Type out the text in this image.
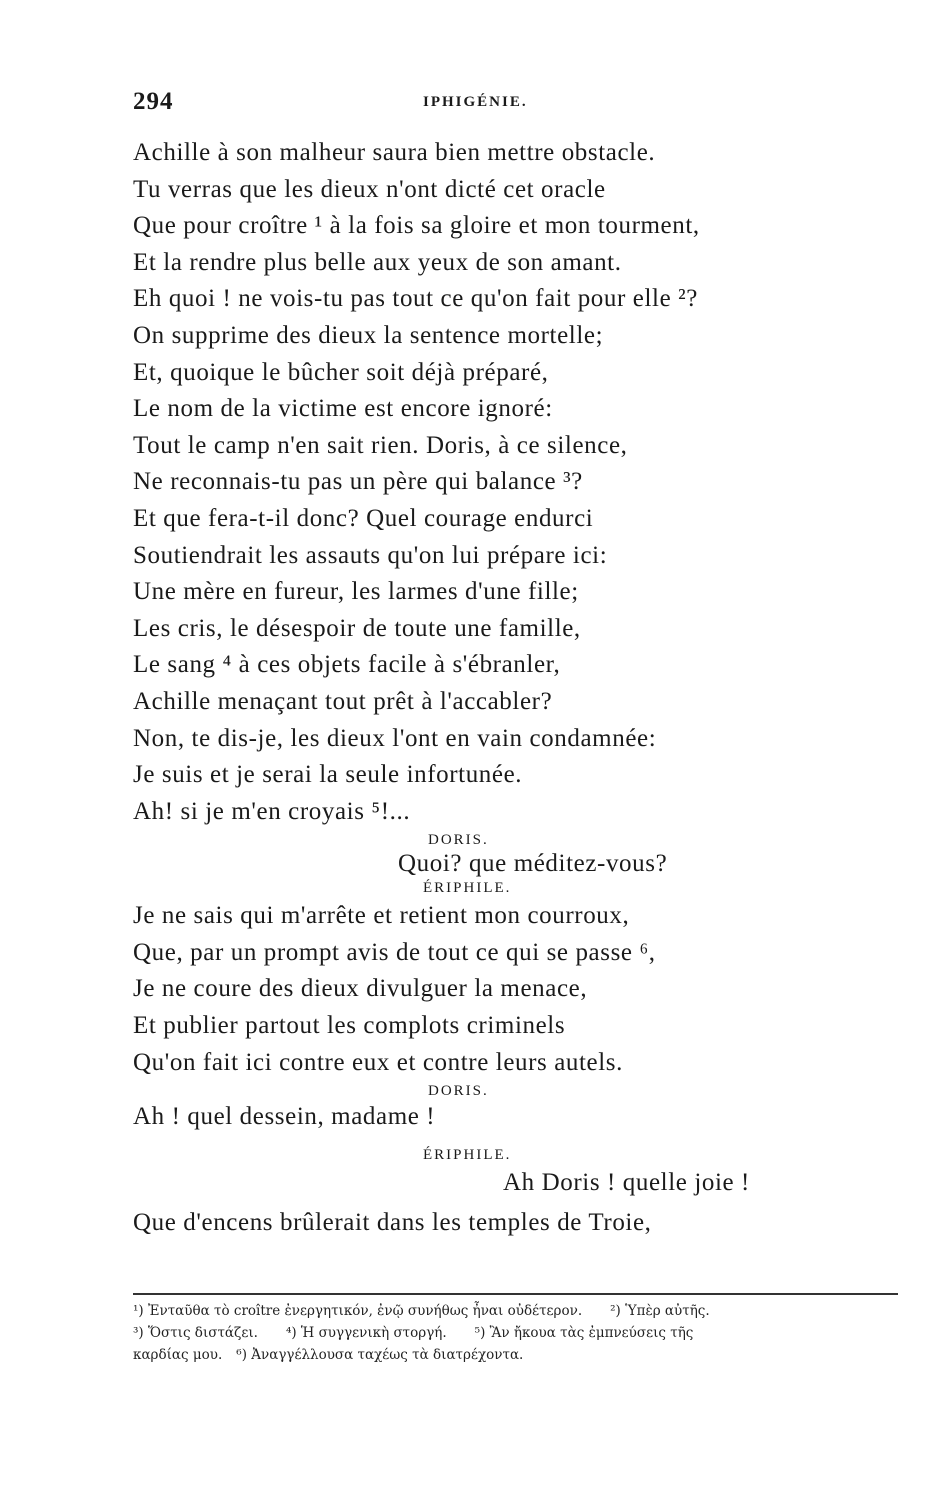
294	IPHIGÉNIE.
Achille à son malheur saura bien mettre obstacle.
Tu verras que les dieux n'ont dicté cet oracle
Que pour croître ¹ à la fois sa gloire et mon tourment,
Et la rendre plus belle aux yeux de son amant.
Eh quoi ! ne vois-tu pas tout ce qu'on fait pour elle ²?
On supprime des dieux la sentence mortelle;
Et, quoique le bûcher soit déjà préparé,
Le nom de la victime est encore ignoré:
Tout le camp n'en sait rien. Doris, à ce silence,
Ne reconnais-tu pas un père qui balance ³?
Et que fera-t-il donc? Quel courage endurci
Soutiendrait les assauts qu'on lui prépare ici:
Une mère en fureur, les larmes d'une fille;
Les cris, le désespoir de toute une famille,
Le sang ⁴ à ces objets facile à s'ébranler,
Achille menaçant tout prêt à l'accabler?
Non, te dis-je, les dieux l'ont en vain condamnée:
Je suis et je serai la seule infortunée.
Ah! si je m'en croyais ⁵!...
DORIS.
Quoi? que méditez-vous?
ÉRIPHILE.
Je ne sais qui m'arrête et retient mon courroux,
Que, par un prompt avis de tout ce qui se passe ⁶,
Je ne coure des dieux divulguer la menace,
Et publier partout les complots criminels
Qu'on fait ici contre eux et contre leurs autels.
DORIS.
Ah ! quel dessein, madame !
ÉRIPHILE.
Ah Doris ! quelle joie !
Que d'encens brûlerait dans les temples de Troie,
¹) Ἐνταῦθα τὸ croître ἐνεργητικόν, ἐνῷ συνήθως ἦναι οὐδέτερον. ²) Ὑπὲρ αὐτῆς.
³) Ὅστις διστάζει. ⁴) Ἡ συγγενικὴ στοργή. ⁵) Ἂν ἤκουα τὰς ἐμπνεύσεις τῆς
καρδίας μου. ⁶) Ἀναγγέλλουσα ταχέως τὰ διατρέχοντα.
